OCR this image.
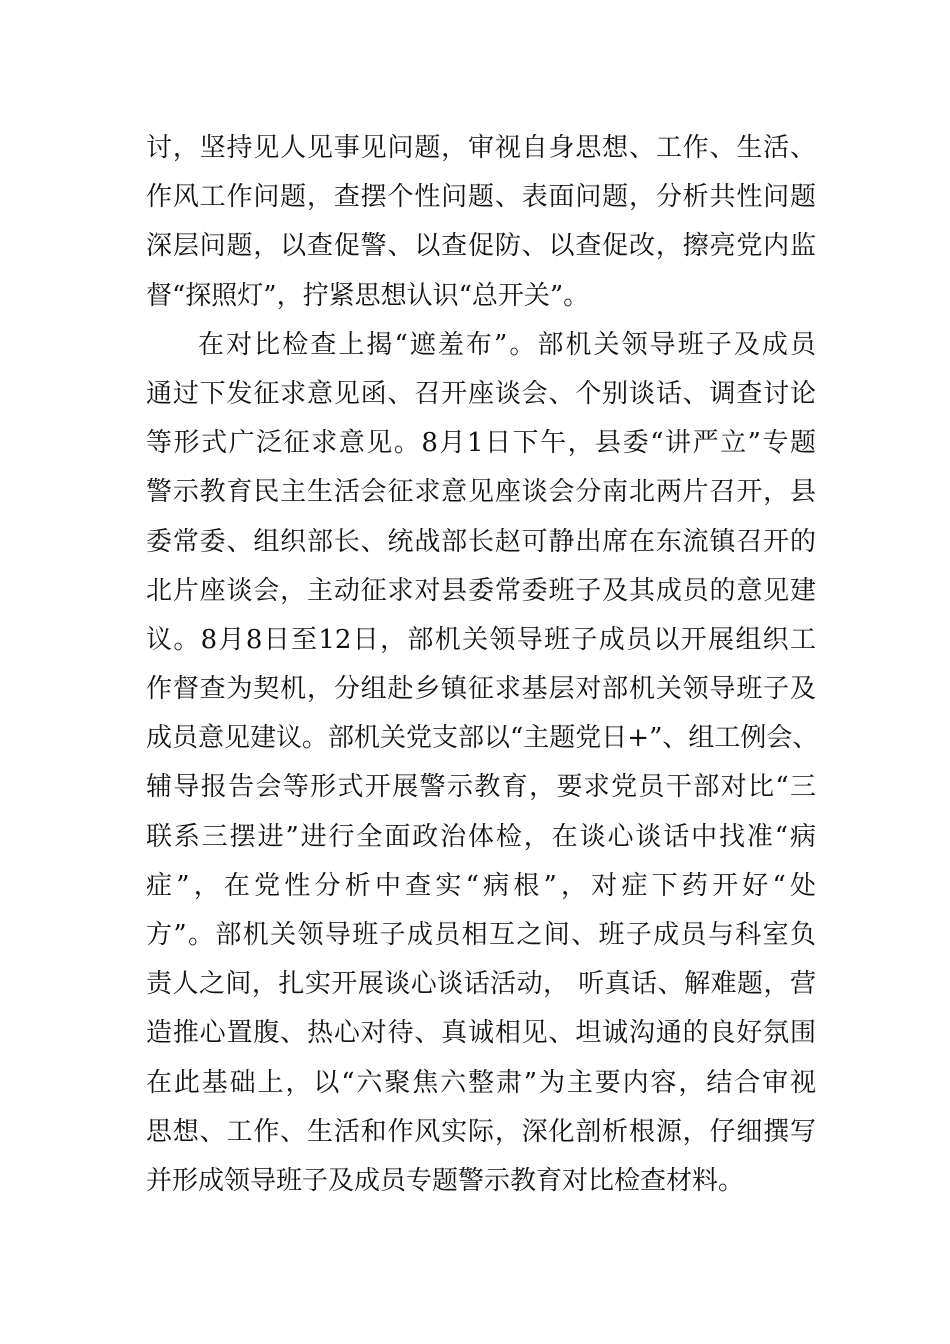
讨，坚持见人见事见问题，审视自身思想、工作、生活、
作风工作问题，查摆个性问题、表面问题，分析共性问题
深层问题，以查促警、以查促防、以查促改，擦亮党内监
督“探照灯”，拧紧思想认识“总开关”。
在对比检查上揭“遮羞布”。部机关领导班子及成员
通过下发征求意见函、召开座谈会、个别谈话、调查讨论
等形式广泛征求意见。8月1日下午，县委“讲严立”专题
警示教育民主生活会征求意见座谈会分南北两片召开，县
委常委、组织部长、统战部长赵可静出席在东流镇召开的
北片座谈会，主动征求对县委常委班子及其成员的意见建
议。8月8日至12日，部机关领导班子成员以开展组织工
作督查为契机，分组赴乡镇征求基层对部机关领导班子及
成员意见建议。部机关党支部以“主题党日+”、组工例会、
辅导报告会等形式开展警示教育，要求党员干部对比“三
联系三摆进”进行全面政治体检，在谈心谈话中找准“病
症”，在党性分析中查实“病根”，对症下药开好“处
方”。部机关领导班子成员相互之间、班子成员与科室负
责人之间，扎实开展谈心谈话活动， 听真话、解难题，营
造推心置腹、热心对待、真诚相见、坦诚沟通的良好氛围
在此基础上，以“六聚焦六整肃”为主要内容，结合审视
思想、工作、生活和作风实际，深化剖析根源，仔细撰写
并形成领导班子及成员专题警示教育对比检查材料。
